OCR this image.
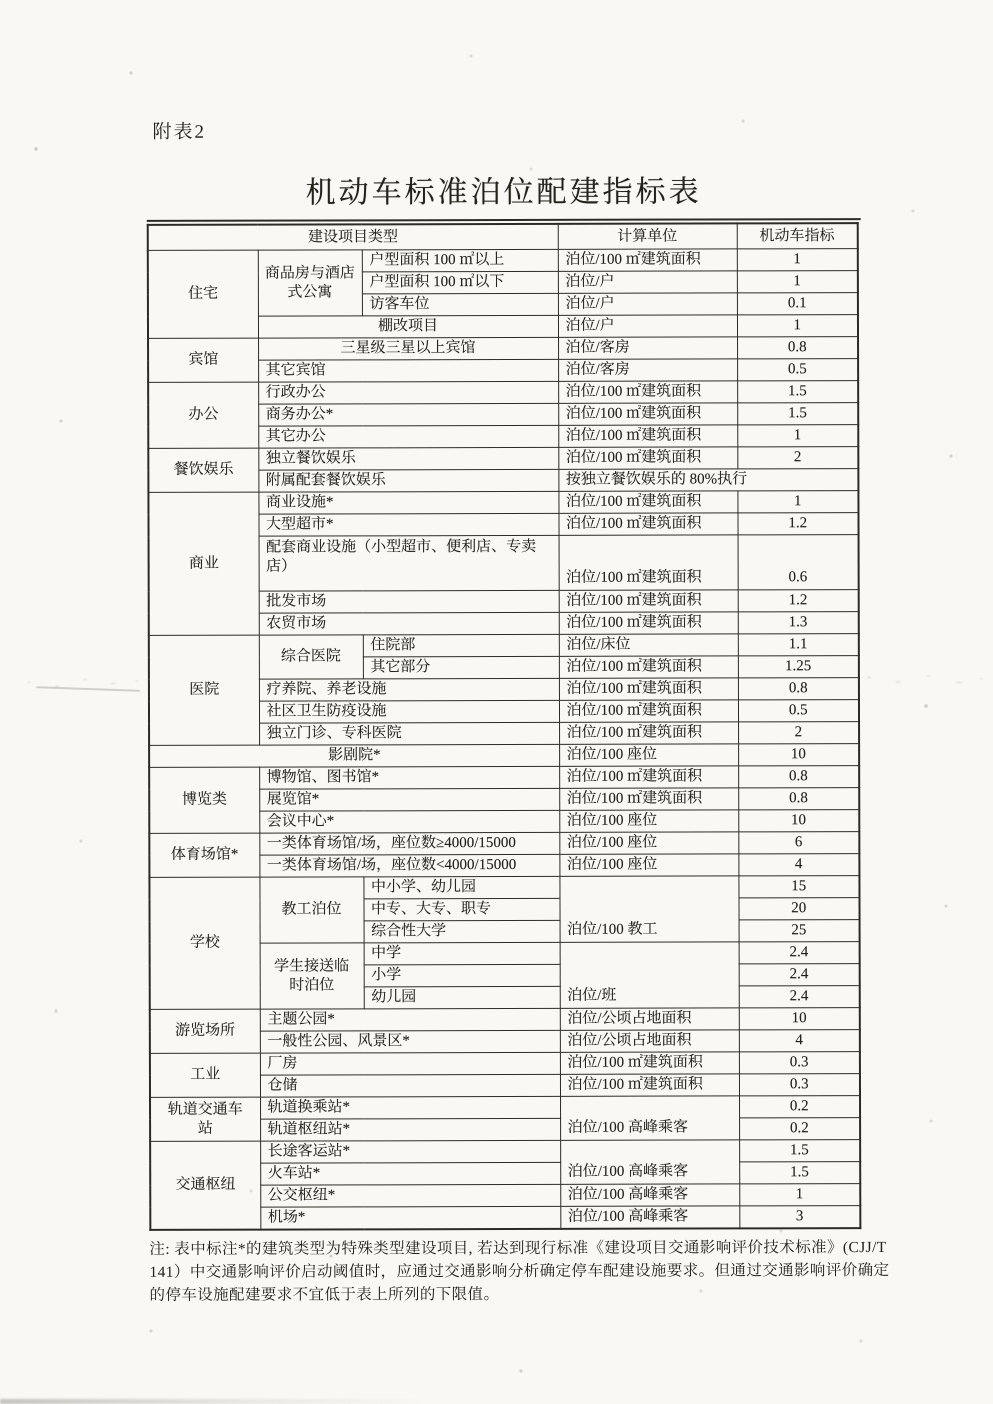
附表2
机动车标准泊位配建指标表
建设项目类型			计算单位	机动车指标
住宅	商品房与酒店式公寓	户型面积 100 ㎡以上	泊位/100 ㎡建筑面积	1
		户型面积 100 ㎡以下	泊位/户	1
		访客车位	泊位/户	0.1
	棚改项目		泊位/户	1
宾馆	三星级三星以上宾馆		泊位/客房	0.8
	其它宾馆		泊位/客房	0.5
办公	行政办公		泊位/100 ㎡建筑面积	1.5
	商务办公*		泊位/100 ㎡建筑面积	1.5
	其它办公		泊位/100 ㎡建筑面积	1
餐饮娱乐	独立餐饮娱乐		泊位/100 ㎡建筑面积	2
	附属配套餐饮娱乐		按独立餐饮娱乐的 80%执行	
商业	商业设施*		泊位/100 ㎡建筑面积	1
	大型超市*		泊位/100 ㎡建筑面积	1.2
	配套商业设施（小型超市、便利店、专卖店）		泊位/100 ㎡建筑面积	0.6
	批发市场		泊位/100 ㎡建筑面积	1.2
	农贸市场		泊位/100 ㎡建筑面积	1.3
医院	综合医院	住院部	泊位/床位	1.1
		其它部分	泊位/100 ㎡建筑面积	1.25
	疗养院、养老设施		泊位/100 ㎡建筑面积	0.8
	社区卫生防疫设施		泊位/100 ㎡建筑面积	0.5
	独立门诊、专科医院		泊位/100 ㎡建筑面积	2
影剧院*			泊位/100 座位	10
博览类	博物馆、图书馆*		泊位/100 ㎡建筑面积	0.8
	展览馆*		泊位/100 ㎡建筑面积	0.8
	会议中心*		泊位/100 座位	10
体育场馆*	一类体育场馆/场，座位数≥4000/15000		泊位/100 座位	6
	一类体育场馆/场，座位数<4000/15000		泊位/100 座位	4
学校	教工泊位	中小学、幼儿园	泊位/100 教工	15
		中专、大专、职专		20
		综合性大学		25
	学生接送临时泊位	中学	泊位/班	2.4
		小学		2.4
		幼儿园		2.4
游览场所	主题公园*		泊位/公顷占地面积	10
	一般性公园、风景区*		泊位/公顷占地面积	4
工业	厂房		泊位/100 ㎡建筑面积	0.3
	仓储		泊位/100 ㎡建筑面积	0.3
轨道交通车站	轨道换乘站*		泊位/100 高峰乘客	0.2
	轨道枢纽站*			0.2
交通枢纽	长途客运站*		泊位/100 高峰乘客	1.5
	火车站*			1.5
	公交枢纽*		泊位/100 高峰乘客	1
	机场*		泊位/100 高峰乘客	3
注: 表中标注*的建筑类型为特殊类型建设项目, 若达到现行标准《建设项目交通影响评价技术标准》(CJJ/T
141）中交通影响评价启动阈值时，应通过交通影响分析确定停车配建设施要求。但通过交通影响评价确定
的停车设施配建要求不宜低于表上所列的下限值。
